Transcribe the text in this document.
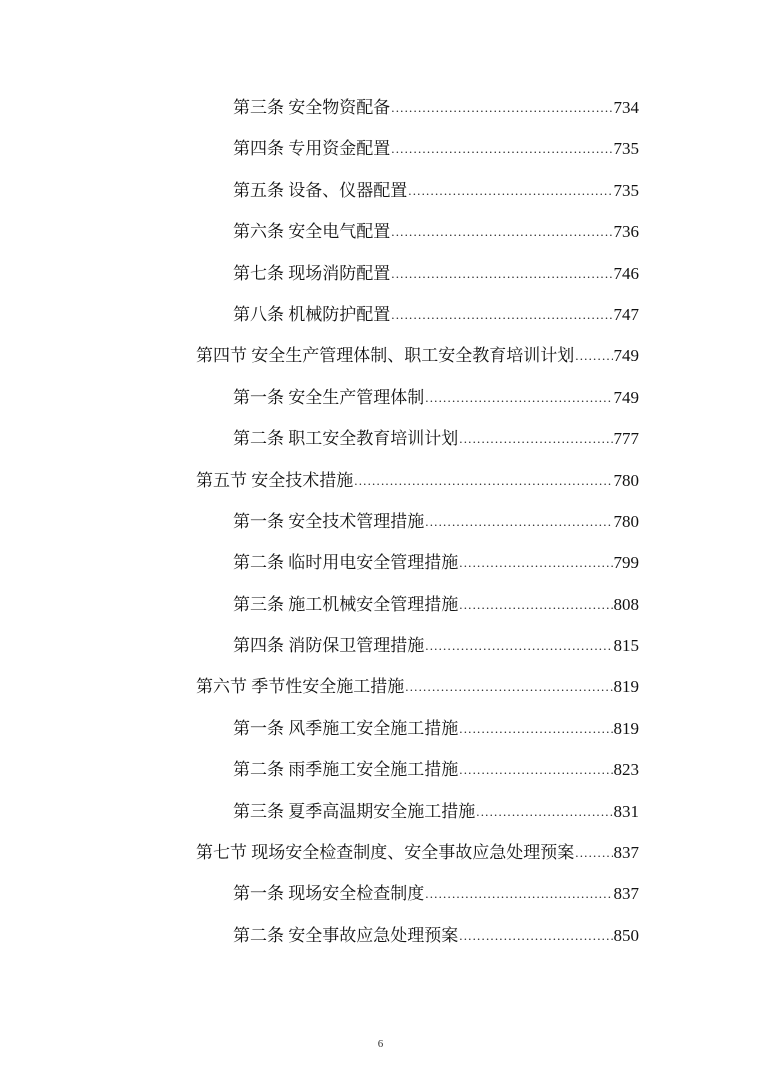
第三条 安全物资配备 .....	734
第四条 专用资金配置 .....	735
第五条 设备、仪器配置 .....	735
第六条 安全电气配置 .....	736
第七条 现场消防配置 .....	746
第八条 机械防护配置 .....	747
第四节 安全生产管理体制、职工安全教育培训计划 ..... 749
第一条 安全生产管理体制 .....	749
第二条 职工安全教育培训计划 .....	777
第五节 安全技术措施 .....	780
第一条 安全技术管理措施 .....	780
第二条 临时用电安全管理措施 .....	799
第三条 施工机械安全管理措施 .....	808
第四条 消防保卫管理措施 .....	815
第六节 季节性安全施工措施 .....	819
第一条 风季施工安全施工措施 .....	819
第二条 雨季施工安全施工措施 .....	823
第三条 夏季高温期安全施工措施 .....	831
第七节 现场安全检查制度、安全事故应急处理预案 ..... 837
第一条 现场安全检查制度 .....	837
第二条 安全事故应急处理预案 .....	850
6
